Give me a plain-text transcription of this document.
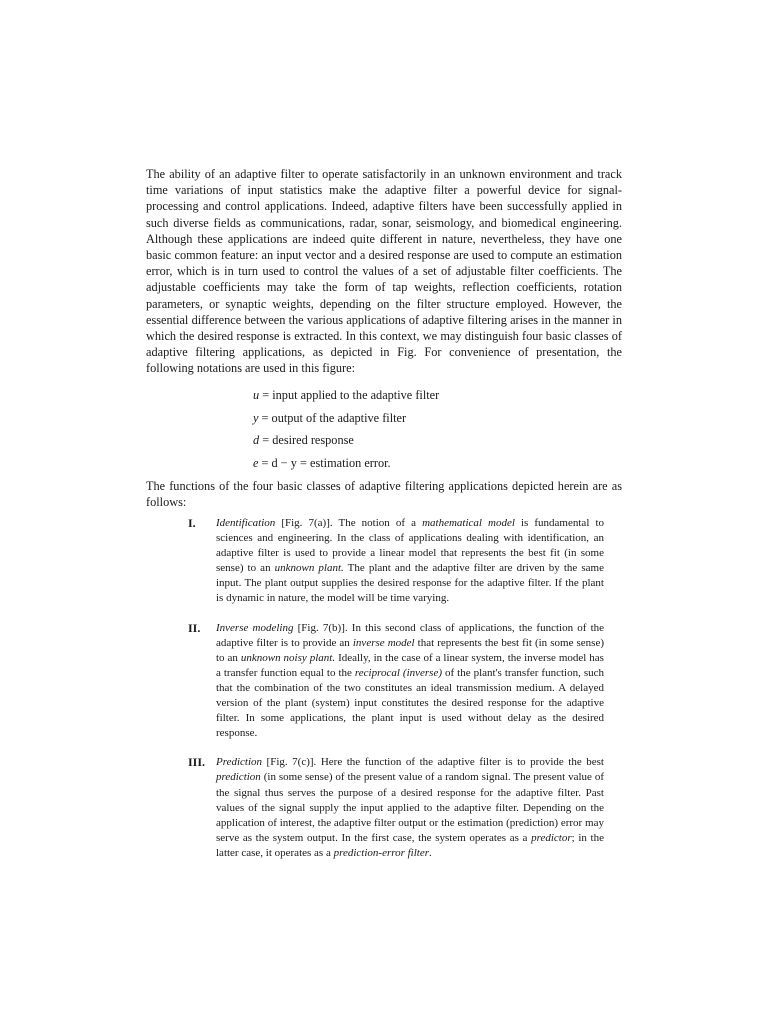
The ability of an adaptive filter to operate satisfactorily in an unknown environment and track time variations of input statistics make the adaptive filter a powerful device for signal-processing and control applications. Indeed, adaptive filters have been successfully applied in such diverse fields as communications, radar, sonar, seismology, and biomedical engineering. Although these applications are indeed quite different in nature, nevertheless, they have one basic common feature: an input vector and a desired response are used to compute an estimation error, which is in turn used to control the values of a set of adjustable filter coefficients. The adjustable coefficients may take the form of tap weights, reflection coefficients, rotation parameters, or synaptic weights, depending on the filter structure employed. However, the essential difference between the various applications of adaptive filtering arises in the manner in which the desired response is extracted. In this context, we may distinguish four basic classes of adaptive filtering applications, as depicted in Fig. For convenience of presentation, the following notations are used in this figure:

u = input applied to the adaptive filter
y = output of the adaptive filter
d = desired response
e = d − y = estimation error.

The functions of the four basic classes of adaptive filtering applications depicted herein are as follows:

I.	Identification [Fig. 7(a)]. The notion of a mathematical model is fundamental to sciences and engineering. In the class of applications dealing with identification, an adaptive filter is used to provide a linear model that represents the best fit (in some sense) to an unknown plant. The plant and the adaptive filter are driven by the same input. The plant output supplies the desired response for the adaptive filter. If the plant is dynamic in nature, the model will be time varying.
II.	Inverse modeling [Fig. 7(b)]. In this second class of applications, the function of the adaptive filter is to provide an inverse model that represents the best fit (in some sense) to an unknown noisy plant. Ideally, in the case of a linear system, the inverse model has a transfer function equal to the reciprocal (inverse) of the plant's transfer function, such that the combination of the two constitutes an ideal transmission medium. A delayed version of the plant (system) input constitutes the desired response for the adaptive filter. In some applications, the plant input is used without delay as the desired response.
III. Prediction [Fig. 7(c)]. Here the function of the adaptive filter is to provide the best prediction (in some sense) of the present value of a random signal. The present value of the signal thus serves the purpose of a desired response for the adaptive filter. Past values of the signal supply the input applied to the adaptive filter. Depending on the application of interest, the adaptive filter output or the estimation (prediction) error may serve as the system output. In the first case, the system operates as a predictor; in the latter case, it operates as a prediction-error filter.
